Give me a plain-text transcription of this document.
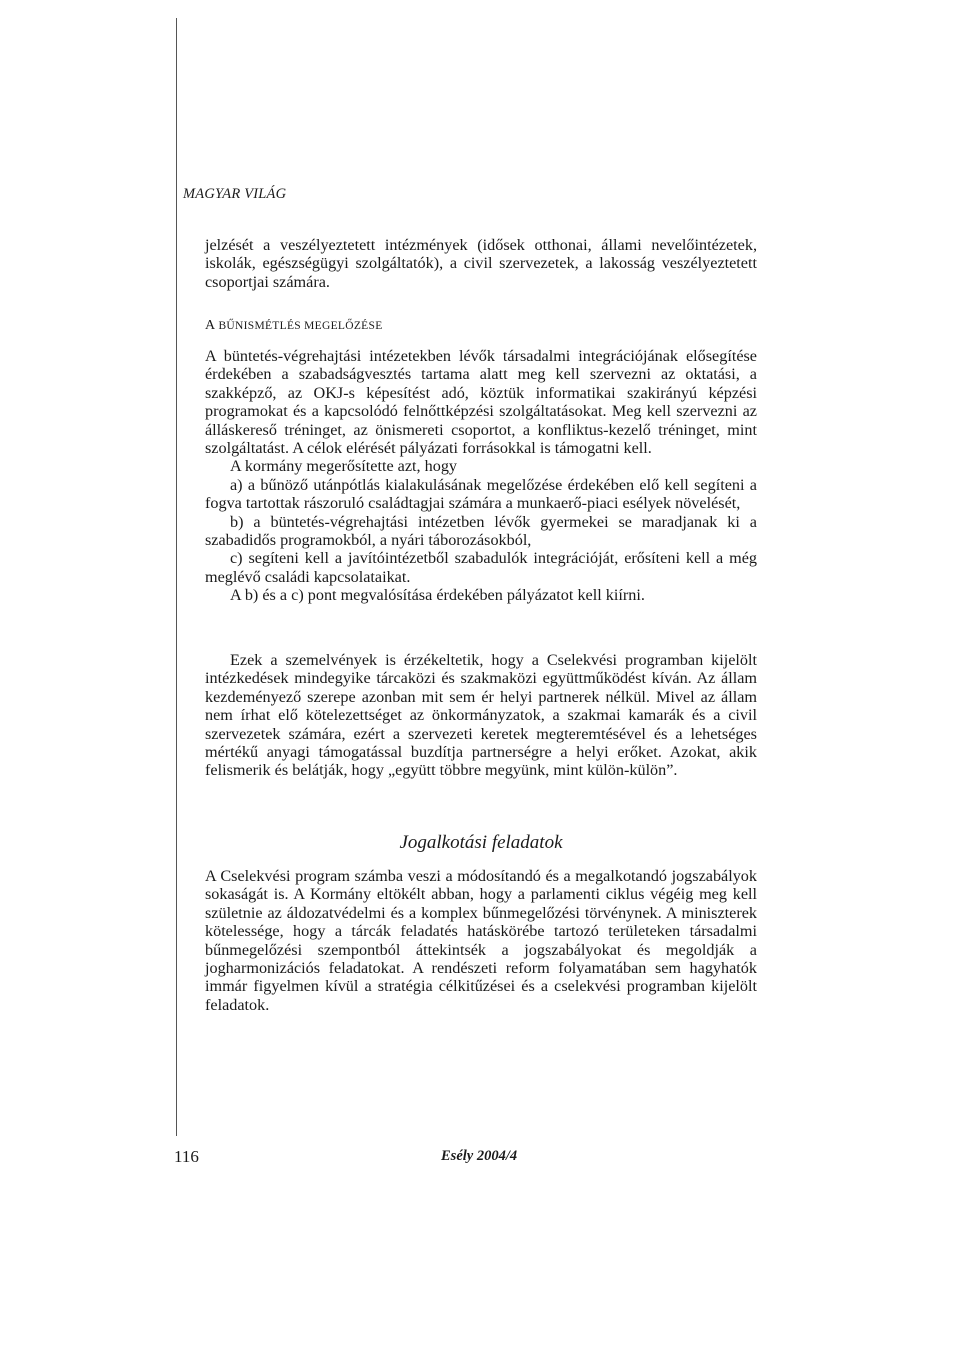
MAGYAR VILÁG
jelzését a veszélyeztetett intézmények (idősek otthonai, állami nevelőintézetek, iskolák, egészségügyi szolgáltatók), a civil szervezetek, a lakosság veszélyeztetett csoportjai számára.
A BŰNISMÉTLÉS MEGELŐZÉSE

A büntetés-végrehajtási intézetekben lévők társadalmi integrációjának elősegítése érdekében a szabadságvesztés tartama alatt meg kell szervezni az oktatási, a szakképző, az OKJ-s képesítést adó, köztük informatikai szakirányú képzési programokat és a kapcsolódó felnőttképzési szolgáltatásokat. Meg kell szervezni az álláskereső tréninget, az önismereti csoportot, a konfliktus-kezelő tréninget, mint szolgáltatást. A célok elérését pályázati forrásokkal is támogatni kell.

A kormány megerősítette azt, hogy

a) a bűnöző utánpótlás kialakulásának megelőzése érdekében elő kell segíteni a fogva tartottak rászoruló családtagjai számára a munkaerő-piaci esélyek növelését,

b) a büntetés-végrehajtási intézetben lévők gyermekei se maradjanak ki a szabadidős programokból, a nyári táborozásokból,

c) segíteni kell a javítóintézetből szabadulók integrációját, erősíteni kell a még meglévő családi kapcsolataikat.

A b) és a c) pont megvalósítása érdekében pályázatot kell kiírni.

Ezek a szemelvények is érzékeltetik, hogy a Cselekvési programban kijelölt intézkedések mindegyike tárcaközi és szakmaközi együttműködést kíván. Az állam kezdeményező szerepe azonban mit sem ér helyi partnerek nélkül. Mivel az állam nem írhat elő kötelezettséget az önkormányzatok, a szakmai kamarák és a civil szervezetek számára, ezért a szervezeti keretek megteremtésével és a lehetséges mértékű anyagi támogatással buzdítja partnerségre a helyi erőket. Azokat, akik felismerik és belátják, hogy „együtt többre megyünk, mint külön-külön”.
Jogalkotási feladatok
A Cselekvési program számba veszi a módosítandó és a megalkotandó jogszabályok sokaságát is. A Kormány eltökélt abban, hogy a parlamenti ciklus végéig meg kell születnie az áldozatvédelmi és a komplex bűnmegelőzési törvénynek. A miniszterek kötelessége, hogy a tárcák feladatés hatáskörébe tartozó területeken társadalmi bűnmegelőzési szempontból áttekintsék a jogszabályokat és megoldják a jogharmonizációs feladatokat. A rendészeti reform folyamatában sem hagyhatók immár figyelmen kívül a stratégia célkitűzései és a cselekvési programban kijelölt feladatok.
116	Esély 2004/4
